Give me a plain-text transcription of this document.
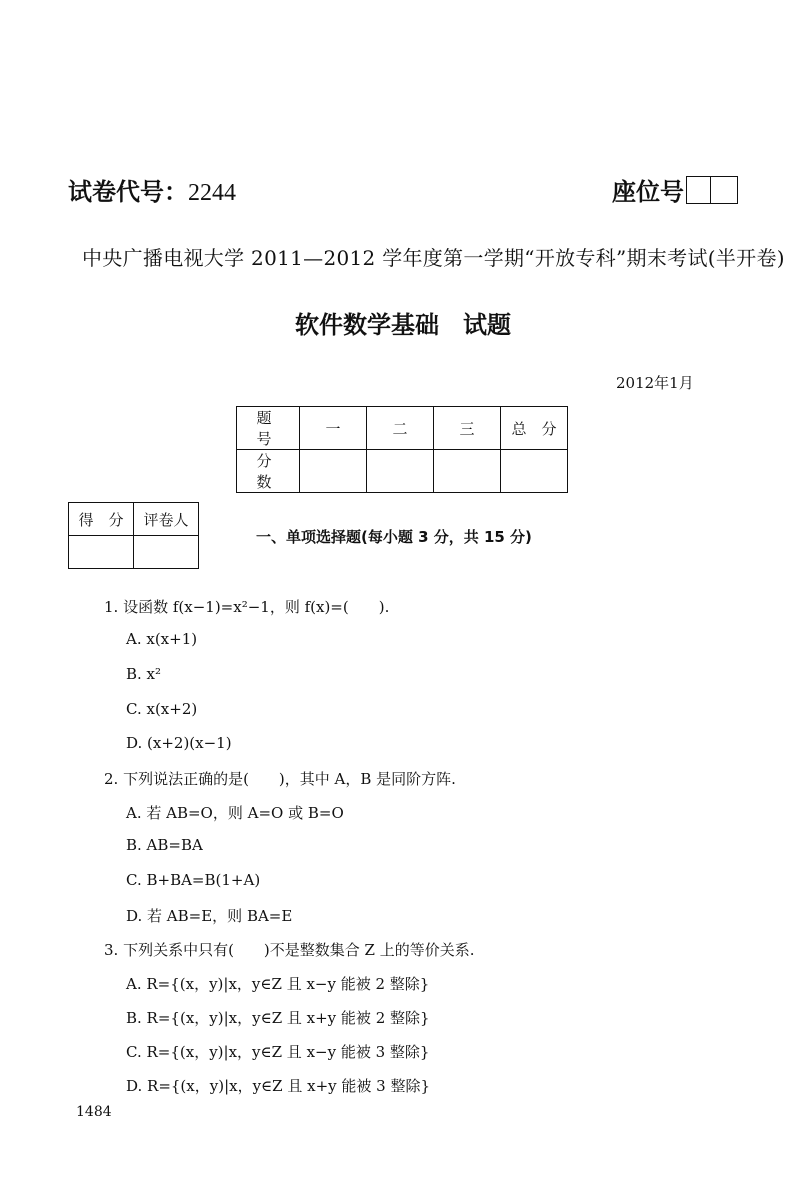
试卷代号：2244	座位号
中央广播电视大学 2011—2012 学年度第一学期“开放专科”期末考试(半开卷)
软件数学基础　试题
2012年1月
题　号	一	二	三	总　分
分　数				
得　分	评卷人

一、单项选择题(每小题 3 分，共 15 分)
1. 设函数 f(x−1)=x²−1，则 f(x)=(　　).
A. x(x+1)
B. x²
C. x(x+2)
D. (x+2)(x−1)
2. 下列说法正确的是(　　)，其中 A，B 是同阶方阵.
A. 若 AB=O，则 A=O 或 B=O
B. AB=BA
C. B+BA=B(1+A)
D. 若 AB=E，则 BA=E
3. 下列关系中只有(　　)不是整数集合 Z 上的等价关系.
A. R={(x，y)|x，y∈Z 且 x−y 能被 2 整除}
B. R={(x，y)|x，y∈Z 且 x+y 能被 2 整除}
C. R={(x，y)|x，y∈Z 且 x−y 能被 3 整除}
D. R={(x，y)|x，y∈Z 且 x+y 能被 3 整除}
1484
